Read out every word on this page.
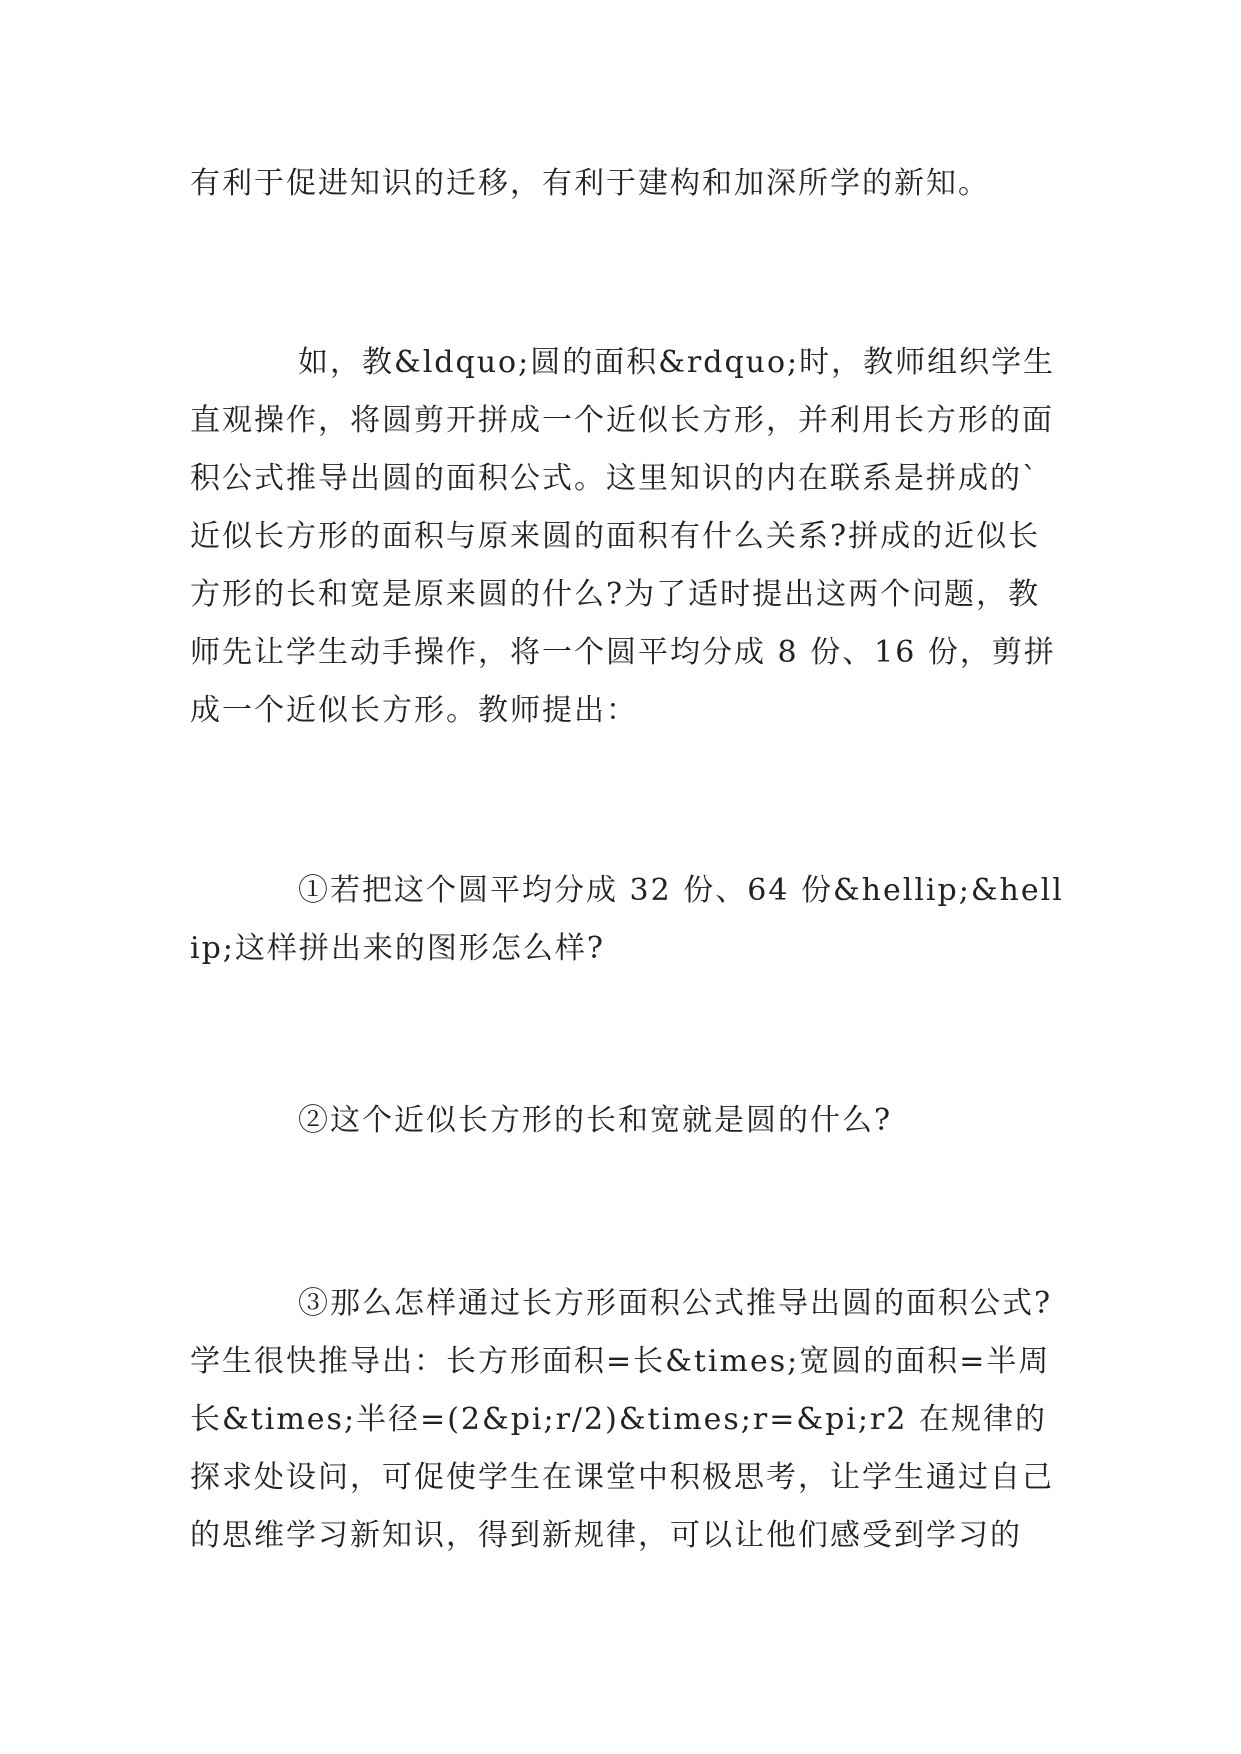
有利于促进知识的迁移，有利于建构和加深所学的新知。

如，教&ldquo;圆的面积&rdquo;时，教师组织学生直观操作，将圆剪开拼成一个近似长方形，并利用长方形的面积公式推导出圆的面积公式。这里知识的内在联系是拼成的`近似长方形的面积与原来圆的面积有什么关系?拼成的近似长方形的长和宽是原来圆的什么?为了适时提出这两个问题，教师先让学生动手操作，将一个圆平均分成 8 份、16 份，剪拼成一个近似长方形。教师提出：

①若把这个圆平均分成 32 份、64 份&hellip;&hellip;这样拼出来的图形怎么样?

②这个近似长方形的长和宽就是圆的什么?

③那么怎样通过长方形面积公式推导出圆的面积公式?学生很快推导出：长方形面积=长&times;宽圆的面积=半周长&times;半径=(2&pi;r/2)&times;r=&pi;r2 在规律的探求处设问，可促使学生在课堂中积极思考，让学生通过自己的思维学习新知识，得到新规律，可以让他们感受到学习的
